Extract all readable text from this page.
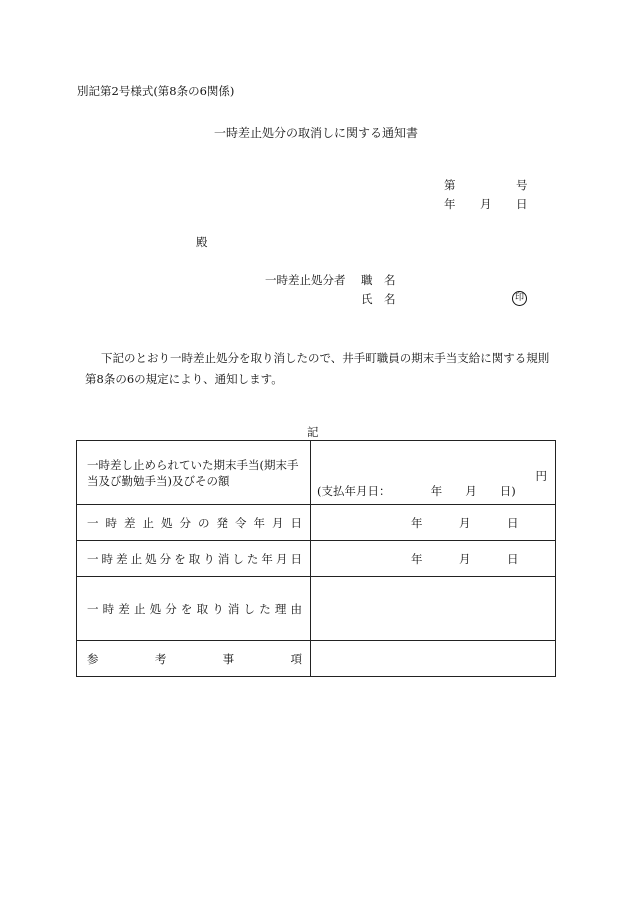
別記第2号様式(第8条の6関係)
一時差止処分の取消しに関する通知書
第	号
年 月 日
殿
一時差止処分者 職　名
氏　名	印
下記のとおり一時差止処分を取り消したので、井手町職員の期末手当支給に関する規則第8条の6の規定により、通知します。
記
一時差し止められていた期末手当(期末手当及び勤勉手当)及びその額	円
(支払年月日：　　　　年　　月　　日)

一時差止処分の発令年月日	年 月 日

一時差止処分を取り消した年月日	年 月 日

一時差止処分を取り消した理由	
参考事項	
